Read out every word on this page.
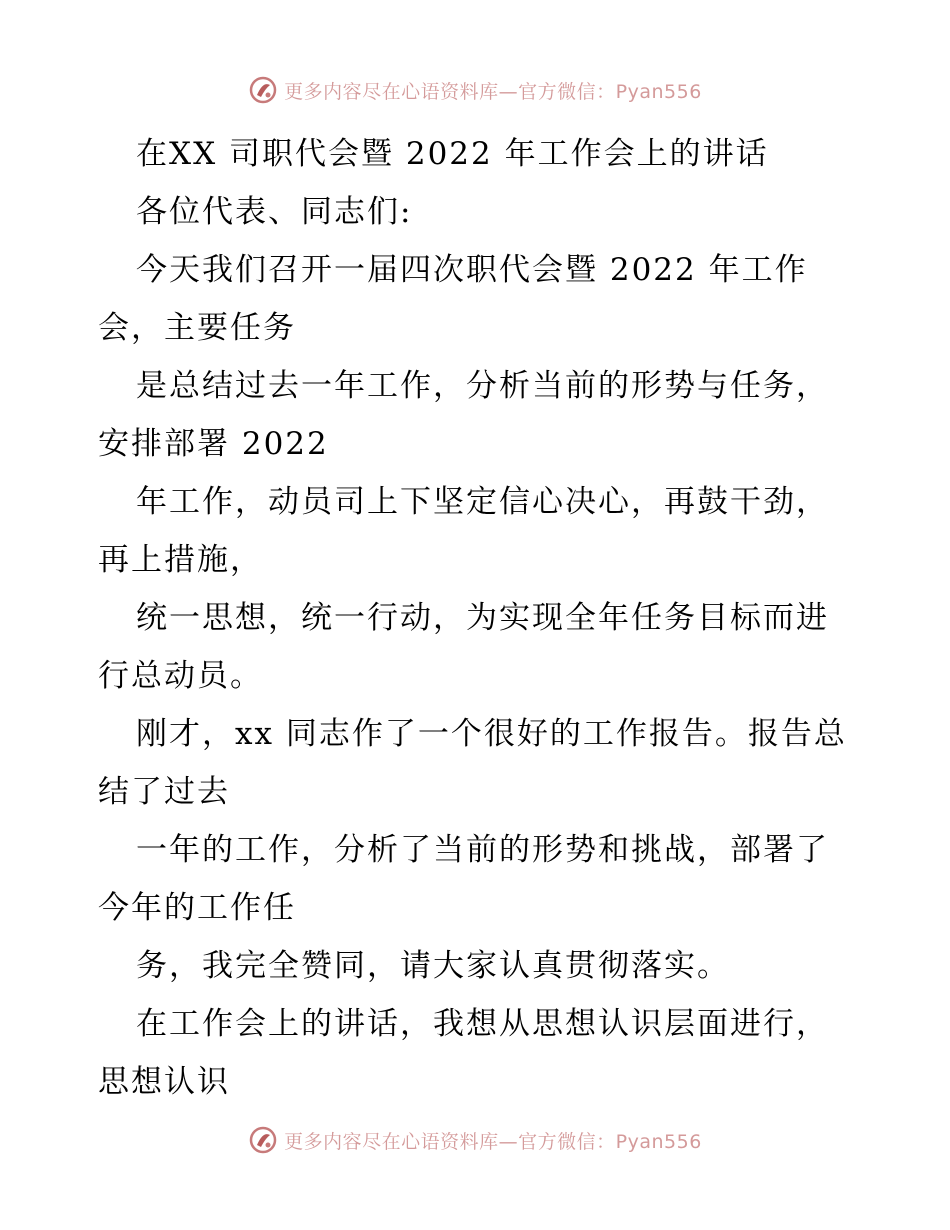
更多内容尽在心语资料库—官方微信：Pyan556

在XX 司职代会暨 2022 年工作会上的讲话

各位代表、同志们:

今天我们召开一届四次职代会暨 2022 年工作会，主要任务

是总结过去一年工作，分析当前的形势与任务，安排部署 2022

年工作，动员司上下坚定信心决心，再鼓干劲，再上措施，

统一思想，统一行动，为实现全年任务目标而进行总动员。

刚才，xx 同志作了一个很好的工作报告。报告总结了过去

一年的工作，分析了当前的形势和挑战，部署了今年的工作任

务，我完全赞同，请大家认真贯彻落实。

在工作会上的讲话，我想从思想认识层面进行，思想认识

更多内容尽在心语资料库—官方微信：Pyan556
